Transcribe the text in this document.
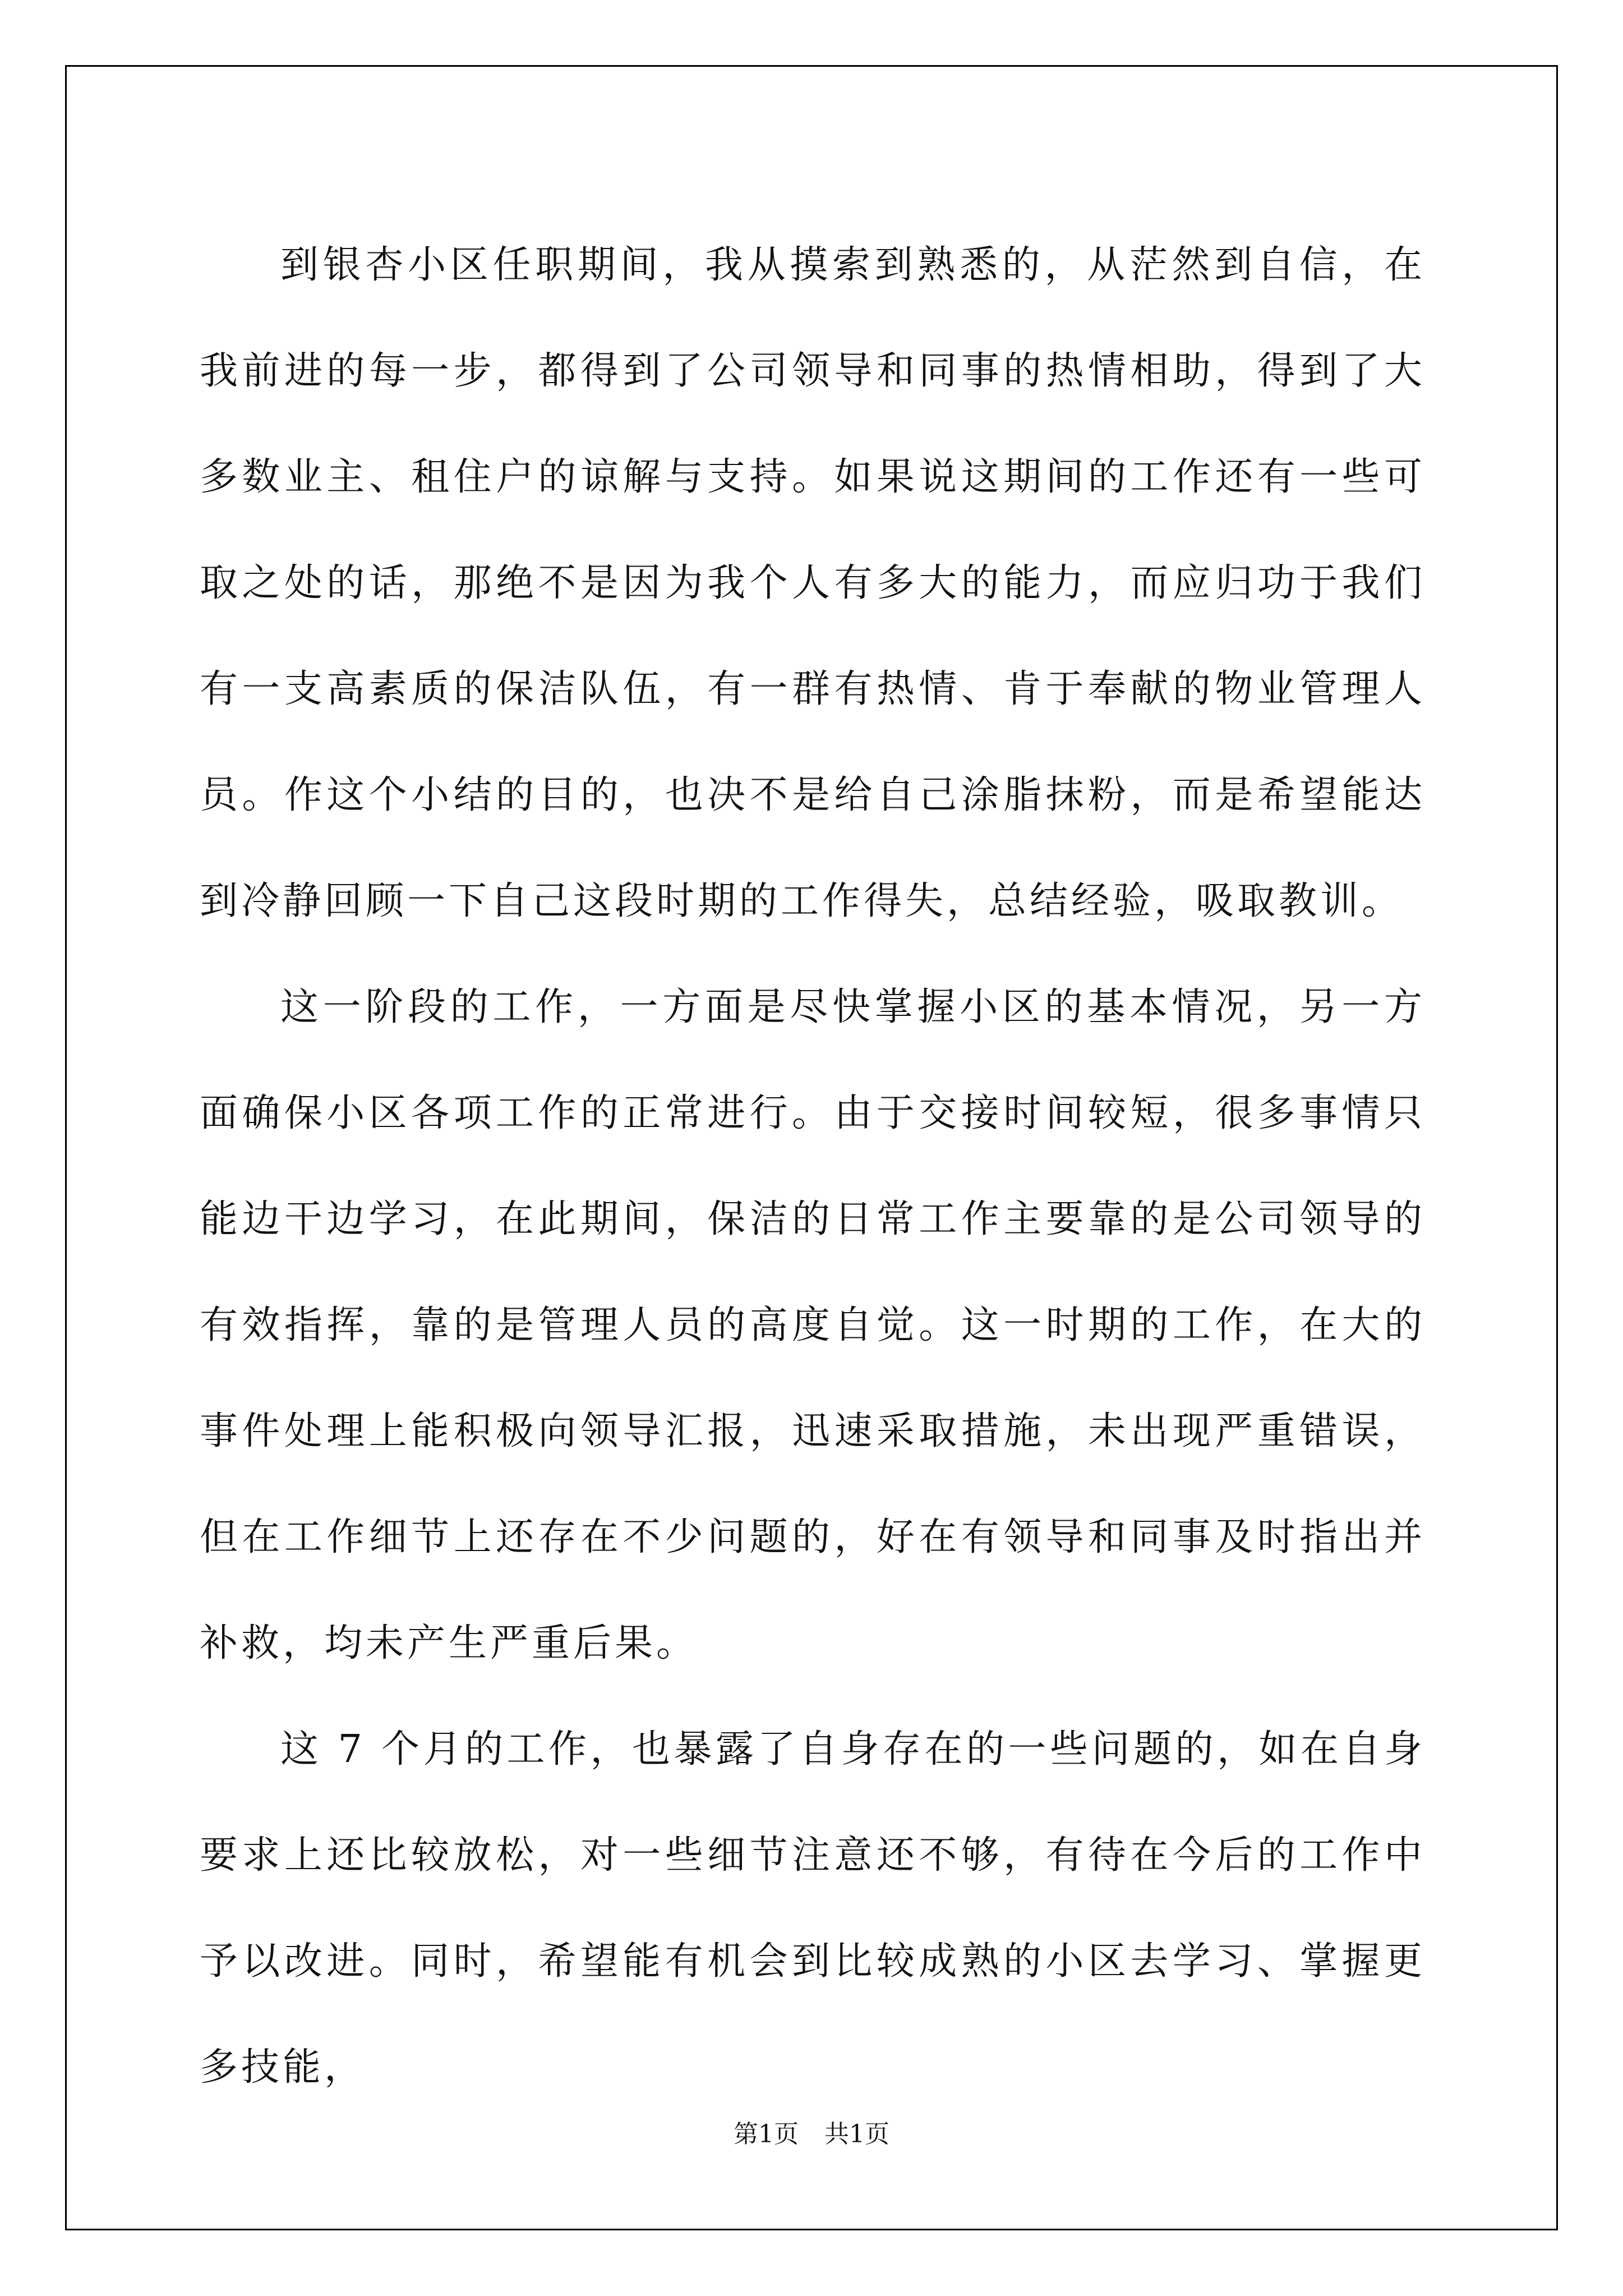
到银杏小区任职期间，我从摸索到熟悉的，从茫然到自信，在我前进的每一步，都得到了公司领导和同事的热情相助，得到了大多数业主、租住户的谅解与支持。如果说这期间的工作还有一些可取之处的话，那绝不是因为我个人有多大的能力，而应归功于我们有一支高素质的保洁队伍，有一群有热情、肯于奉献的物业管理人员。作这个小结的目的，也决不是给自己涂脂抹粉，而是希望能达到冷静回顾一下自己这段时期的工作得失，总结经验，吸取教训。

这一阶段的工作，一方面是尽快掌握小区的基本情况，另一方面确保小区各项工作的正常进行。由于交接时间较短，很多事情只能边干边学习，在此期间，保洁的日常工作主要靠的是公司领导的有效指挥，靠的是管理人员的高度自觉。这一时期的工作，在大的事件处理上能积极向领导汇报，迅速采取措施，未出现严重错误，但在工作细节上还存在不少问题的，好在有领导和同事及时指出并补救，均未产生严重后果。

这 7 个月的工作，也暴露了自身存在的一些问题的，如在自身要求上还比较放松，对一些细节注意还不够，有待在今后的工作中予以改进。同时，希望能有机会到比较成熟的小区去学习、掌握更多技能，

第1页 共1页
